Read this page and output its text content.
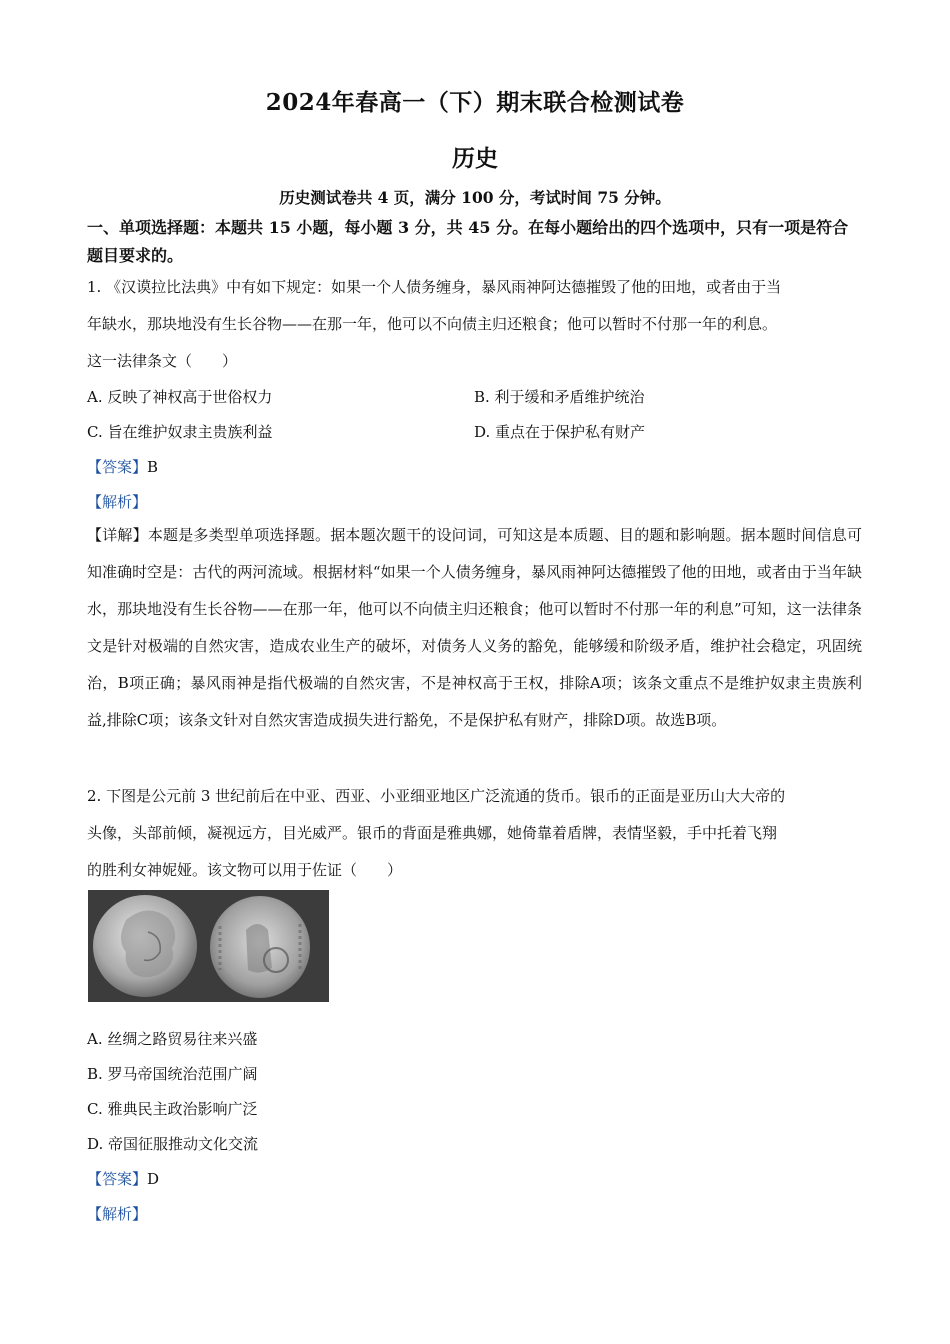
2024年春高一（下）期末联合检测试卷
历史
历史测试卷共 4 页，满分 100 分，考试时间 75 分钟。
一、单项选择题：本题共 15 小题，每小题 3 分，共 45 分。在每小题给出的四个选项中，只有一项是符合题目要求的。
1. 《汉谟拉比法典》中有如下规定：如果一个人债务缠身，暴风雨神阿达德摧毁了他的田地，或者由于当
年缺水，那块地没有生长谷物——在那一年，他可以不向债主归还粮食；他可以暂时不付那一年的利息。
这一法律条文（　　）
A. 反映了神权高于世俗权力	B. 利于缓和矛盾维护统治
C. 旨在维护奴隶主贵族利益	D. 重点在于保护私有财产
【答案】B
【解析】
【详解】本题是多类型单项选择题。据本题次题干的设问词，可知这是本质题、目的题和影响题。据本题时间信息可知准确时空是：古代的两河流域。根据材料“如果一个人债务缠身，暴风雨神阿达德摧毁了他的田地，或者由于当年缺水，那块地没有生长谷物——在那一年，他可以不向债主归还粮食；他可以暂时不付那一年的利息”可知，这一法律条文是针对极端的自然灾害，造成农业生产的破坏，对债务人义务的豁免，能够缓和阶级矛盾，维护社会稳定，巩固统治，B项正确；暴风雨神是指代极端的自然灾害，不是神权高于王权，排除A项；该条文重点不是维护奴隶主贵族利益,排除C项；该条文针对自然灾害造成损失进行豁免，不是保护私有财产，排除D项。故选B项。
2. 下图是公元前 3 世纪前后在中亚、西亚、小亚细亚地区广泛流通的货币。银币的正面是亚历山大大帝的
头像，头部前倾，凝视远方，目光威严。银币的背面是雅典娜，她倚靠着盾牌，表情坚毅，手中托着飞翔
的胜利女神妮娅。该文物可以用于佐证（　　）
A. 丝绸之路贸易往来兴盛
B. 罗马帝国统治范围广阔
C. 雅典民主政治影响广泛
D. 帝国征服推动文化交流
【答案】D
【解析】
